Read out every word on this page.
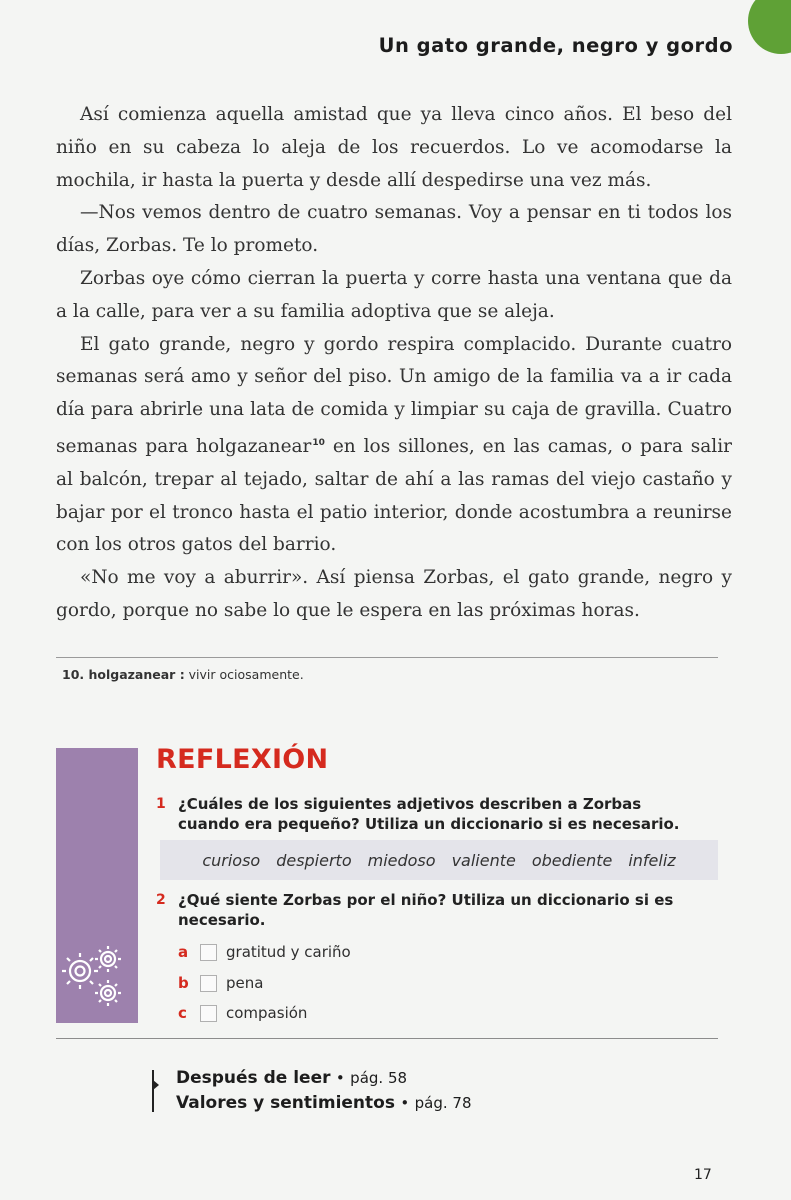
Un gato grande, negro y gordo

Así comienza aquella amistad que ya lleva cinco años. El beso del niño en su cabeza lo aleja de los recuerdos. Lo ve acomodarse la mochila, ir hasta la puerta y desde allí despedirse una vez más.

—Nos vemos dentro de cuatro semanas. Voy a pensar en ti todos los días, Zorbas. Te lo prometo.

Zorbas oye cómo cierran la puerta y corre hasta una ventana que da a la calle, para ver a su familia adoptiva que se aleja.

El gato grande, negro y gordo respira complacido. Durante cuatro semanas será amo y señor del piso. Un amigo de la familia va a ir cada día para abrirle una lata de comida y limpiar su caja de gravilla. Cuatro semanas para holgazanear$^{10}$ en los sillones, en las camas, o para salir al balcón, trepar al tejado, saltar de ahí a las ramas del viejo castaño y bajar por el tronco hasta el patio interior, donde acostumbra a reunirse con los otros gatos del barrio.

«No me voy a aburrir». Así piensa Zorbas, el gato grande, negro y gordo, porque no sabe lo que le espera en las próximas horas.

10. holgazanear : vivir ociosamente.
REFLEXIÓN
1 ¿Cuáles de los siguientes adjetivos describen a Zorbas cuando era pequeño? Utiliza un diccionario si es necesario.
curioso despierto miedoso valiente obediente infeliz
2 ¿Qué siente Zorbas por el niño? Utiliza un diccionario si es necesario.
a	gratitud y cariño
b	pena
c	compasión
Después de leer • pág. 58
Valores y sentimientos • pág. 78
17
